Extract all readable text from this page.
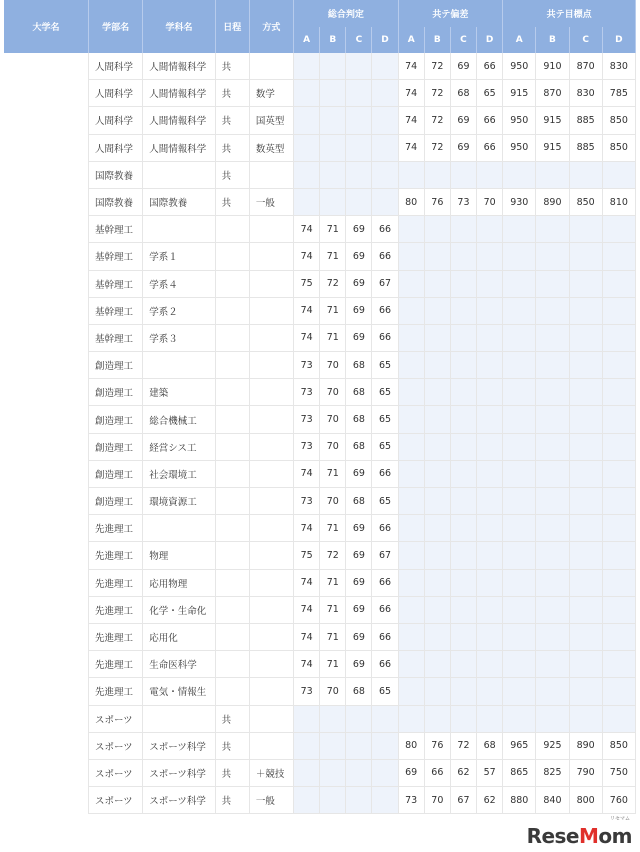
大学名	学部名	学科名	日程	方式	総合判定				共テ偏差				共テ目標点			
					A	B	C	D	A	B	C	D	A	B	C	D
	人間科学	人間情報科学	共						74	72	69	66	950	910	870	830
	人間科学	人間情報科学	共	数学					74	72	68	65	915	870	830	785
	人間科学	人間情報科学	共	国英型					74	72	69	66	950	915	885	850
	人間科学	人間情報科学	共	数英型					74	72	69	66	950	915	885	850
	国際教養		共													
	国際教養	国際教養	共	一般					80	76	73	70	930	890	850	810
	基幹理工				74	71	69	66								
	基幹理工	学系１			74	71	69	66								
	基幹理工	学系４			75	72	69	67								
	基幹理工	学系２			74	71	69	66								
	基幹理工	学系３			74	71	69	66								
	創造理工				73	70	68	65								
	創造理工	建築			73	70	68	65								
	創造理工	総合機械工			73	70	68	65								
	創造理工	経営シス工			73	70	68	65								
	創造理工	社会環境工			74	71	69	66								
	創造理工	環境資源工			73	70	68	65								
	先進理工				74	71	69	66								
	先進理工	物理			75	72	69	67								
	先進理工	応用物理			74	71	69	66								
	先進理工	化学・生命化			74	71	69	66								
	先進理工	応用化			74	71	69	66								
	先進理工	生命医科学			74	71	69	66								
	先進理工	電気・情報生			73	70	68	65								
	スポーツ		共													
	スポーツ	スポーツ科学	共						80	76	72	68	965	925	890	850
	スポーツ	スポーツ科学	共	＋競技					69	66	62	57	865	825	790	750
	スポーツ	スポーツ科学	共	一般					73	70	67	62	880	840	800	760
リセマム
ReseMom
